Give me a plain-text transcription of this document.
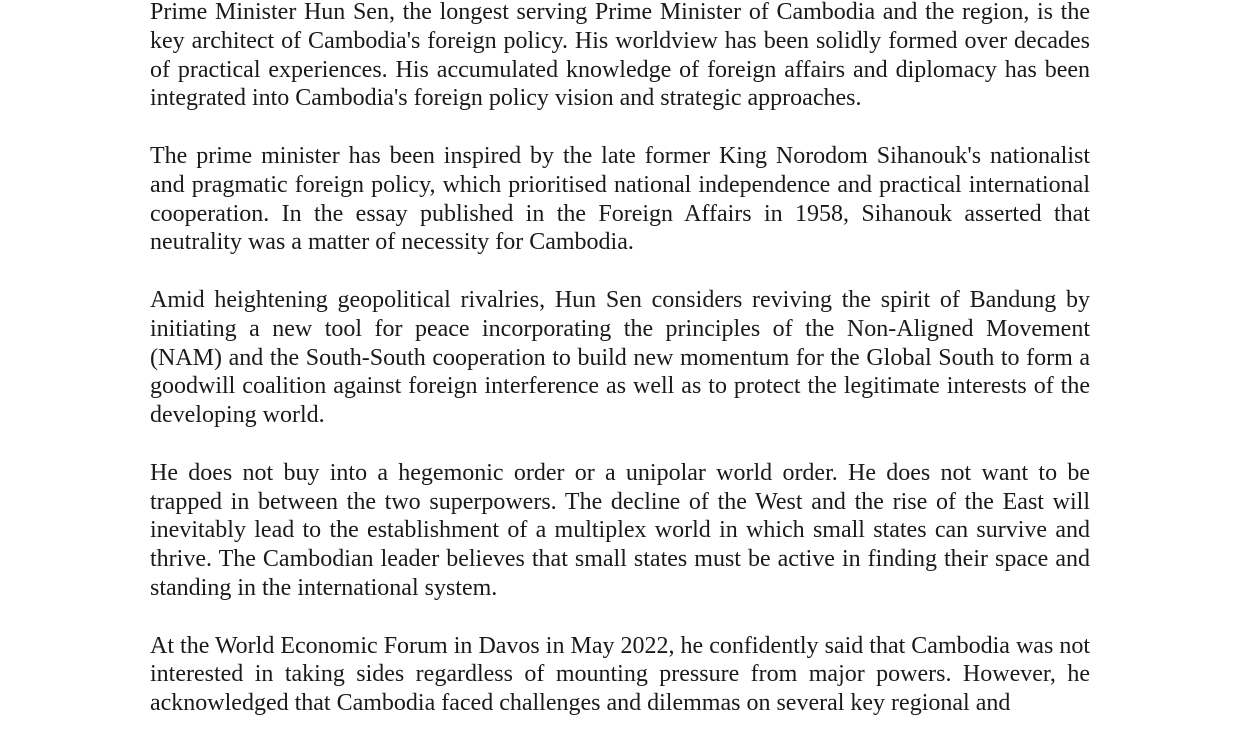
Prime Minister Hun Sen, the longest serving Prime Minister of Cambodia and the region, is the key architect of Cambodia's foreign policy. His worldview has been solidly formed over decades of practical experiences. His accumulated knowledge of foreign affairs and diplomacy has been integrated into Cambodia's foreign policy vision and strategic approaches.

The prime minister has been inspired by the late former King Norodom Sihanouk's nationalist and pragmatic foreign policy, which prioritised national independence and practical international cooperation. In the essay published in the Foreign Affairs in 1958, Sihanouk asserted that neutrality was a matter of necessity for Cambodia.

Amid heightening geopolitical rivalries, Hun Sen considers reviving the spirit of Bandung by initiating a new tool for peace incorporating the principles of the Non-Aligned Movement (NAM) and the South-South cooperation to build new momentum for the Global South to form a goodwill coalition against foreign interference as well as to protect the legitimate interests of the developing world.

He does not buy into a hegemonic order or a unipolar world order. He does not want to be trapped in between the two superpowers. The decline of the West and the rise of the East will inevitably lead to the establishment of a multiplex world in which small states can survive and thrive. The Cambodian leader believes that small states must be active in finding their space and standing in the international system.

At the World Economic Forum in Davos in May 2022, he confidently said that Cambodia was not interested in taking sides regardless of mounting pressure from major powers. However, he acknowledged that Cambodia faced challenges and dilemmas on several key regional and
